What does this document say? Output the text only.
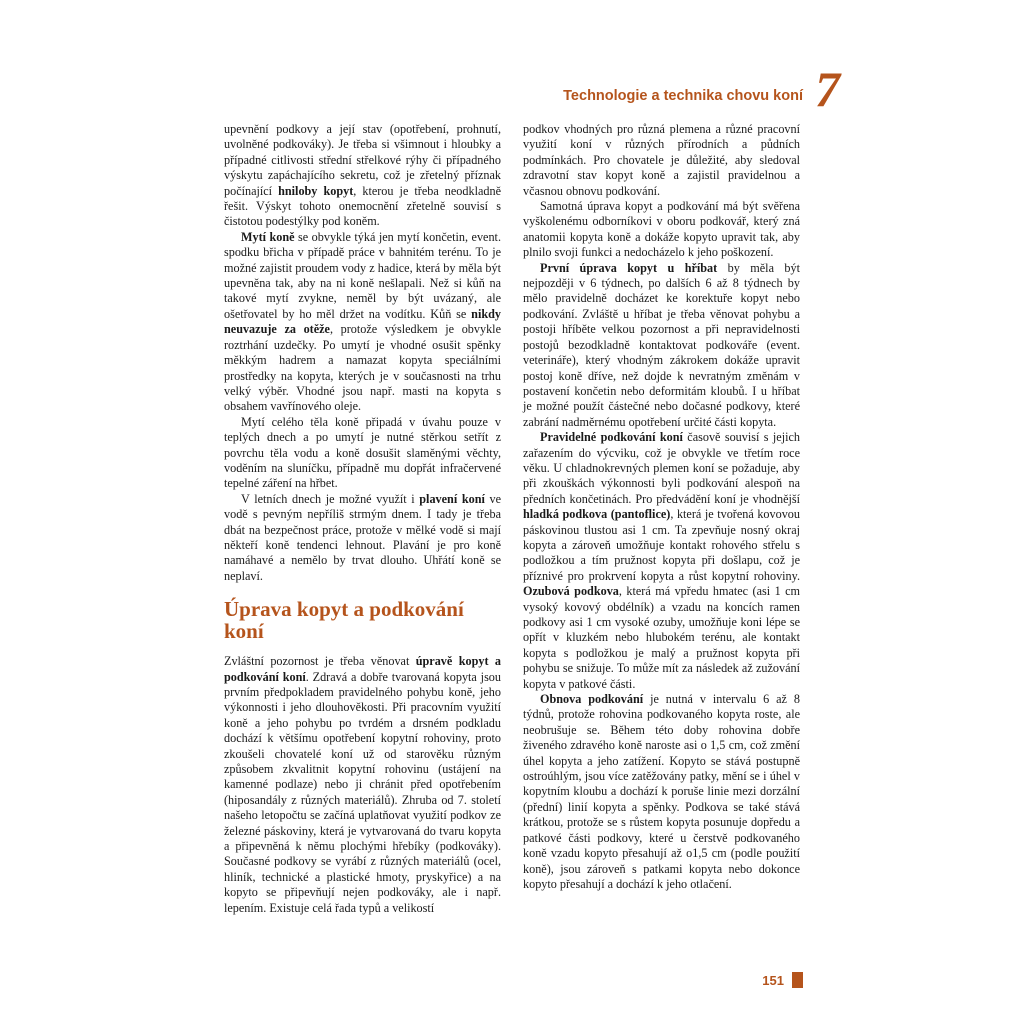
Technologie a technika chovu koní 7

upevnění podkovy a její stav (opotřebení, prohnutí, uvolněné podkováky). Je třeba si všimnout i hloubky a případné citlivosti střední střelkové rýhy či případného výskytu zapáchajícího sekretu, což je zřetelný příznak počínající hniloby kopyt, kterou je třeba neodkladně řešit. Výskyt tohoto onemocnění zřetelně souvisí s čistotou podestýlky pod koněm.

Mytí koně se obvykle týká jen mytí končetin, event. spodku břicha v případě práce v bahnitém terénu. To je možné zajistit proudem vody z hadice, která by měla být upevněna tak, aby na ni koně nešlapali. Než si kůň na takové mytí zvykne, neměl by být uvázaný, ale ošetřovatel by ho měl držet na vodítku. Kůň se nikdy neuvazuje za otěže, protože výsledkem je obvykle roztrhání uzdečky. Po umytí je vhodné osušit spěnky měkkým hadrem a namazat kopyta speciálními prostředky na kopyta, kterých je v současnosti na trhu velký výběr. Vhodné jsou např. masti na kopyta s obsahem vavřínového oleje.

Mytí celého těla koně připadá v úvahu pouze v teplých dnech a po umytí je nutné stěrkou setřít z povrchu těla vodu a koně dosušit slaměnými věchty, voděním na sluníčku, případně mu dopřát infračervené tepelné záření na hřbet.

V letních dnech je možné využít i plavení koní ve vodě s pevným nepříliš strmým dnem. I tady je třeba dbát na bezpečnost práce, protože v mělké vodě si mají někteří koně tendenci lehnout. Plavání je pro koně namáhavé a nemělo by trvat dlouho. Uhřátí koně se neplaví.

Úprava kopyt a podkování koní

Zvláštní pozornost je třeba věnovat úpravě kopyt a podkování koní. Zdravá a dobře tvarovaná kopyta jsou prvním předpokladem pravidelného pohybu koně, jeho výkonnosti i jeho dlouhověkosti. Při pracovním využití koně a jeho pohybu po tvrdém a drsném podkladu dochází k většímu opotřebení kopytní rohoviny, proto zkoušeli chovatelé koní už od starověku různým způsobem zkvalitnit kopytní rohovinu (ustájení na kamenné podlaze) nebo ji chránit před opotřebením (hiposandály z různých materiálů). Zhruba od 7. století našeho letopočtu se začíná uplatňovat využití podkov ze železné páskoviny, která je vytvarovaná do tvaru kopyta a připevněná k němu plochými hřebíky (podkováky). Současné podkovy se vyrábí z různých materiálů (ocel, hliník, technické a plastické hmoty, pryskyřice) a na kopyto se připevňují nejen podkováky, ale i např. lepením. Existuje celá řada typů a velikostí

podkov vhodných pro různá plemena a různé pracovní využití koní v různých přírodních a půdních podmínkách. Pro chovatele je důležité, aby sledoval zdravotní stav kopyt koně a zajistil pravidelnou a včasnou obnovu podkování.

Samotná úprava kopyt a podkování má být svěřena vyškolenému odborníkovi v oboru podkovář, který zná anatomii kopyta koně a dokáže kopyto upravit tak, aby plnilo svoji funkci a nedocházelo k jeho poškození.

První úprava kopyt u hříbat by měla být nejpozději v 6 týdnech, po dalších 6 až 8 týdnech by mělo pravidelně docházet ke korektuře kopyt nebo podkování. Zvláště u hříbat je třeba věnovat pohybu a postoji hříběte velkou pozornost a při nepravidelnosti postojů bezodkladně kontaktovat podkováře (event. veterináře), který vhodným zákrokem dokáže upravit postoj koně dříve, než dojde k nevratným změnám v postavení končetin nebo deformitám kloubů. I u hříbat je možné použít částečné nebo dočasné podkovy, které zabrání nadměrnému opotřebení určité části kopyta.

Pravidelné podkování koní časově souvisí s jejich zařazením do výcviku, což je obvykle ve třetím roce věku. U chladnokrevných plemen koní se požaduje, aby při zkouškách výkonnosti byli podkování alespoň na předních končetinách. Pro předvádění koní je vhodnější hladká podkova (pantoflice), která je tvořená kovovou páskovinou tlustou asi 1 cm. Ta zpevňuje nosný okraj kopyta a zároveň umožňuje kontakt rohového střelu s podložkou a tím pružnost kopyta při došlapu, což je příznivé pro prokrvení kopyta a růst kopytní rohoviny. Ozubová podkova, která má vpředu hmatec (asi 1 cm vysoký kovový obdélník) a vzadu na koncích ramen podkovy asi 1 cm vysoké ozuby, umožňuje koni lépe se opřít v kluzkém nebo hlubokém terénu, ale kontakt kopyta s podložkou je malý a pružnost kopyta při pohybu se snižuje. To může mít za následek až zužování kopyta v patkové části.

Obnova podkování je nutná v intervalu 6 až 8 týdnů, protože rohovina podkovaného kopyta roste, ale neobrušuje se. Během této doby rohovina dobře živeného zdravého koně naroste asi o 1,5 cm, což změní úhel kopyta a jeho zatížení. Kopyto se stává postupně ostroúhlým, jsou více zatěžovány patky, mění se i úhel v kopytním kloubu a dochází k poruše linie mezi dorzální (přední) linií kopyta a spěnky. Podkova se také stává krátkou, protože se s růstem kopyta posunuje dopředu a patkové části podkovy, které u čerstvě podkovaného koně vzadu kopyto přesahují až o1,5 cm (podle použití koně), jsou zároveň s patkami kopyta nebo dokonce kopyto přesahují a dochází k jeho otlačení.

151
